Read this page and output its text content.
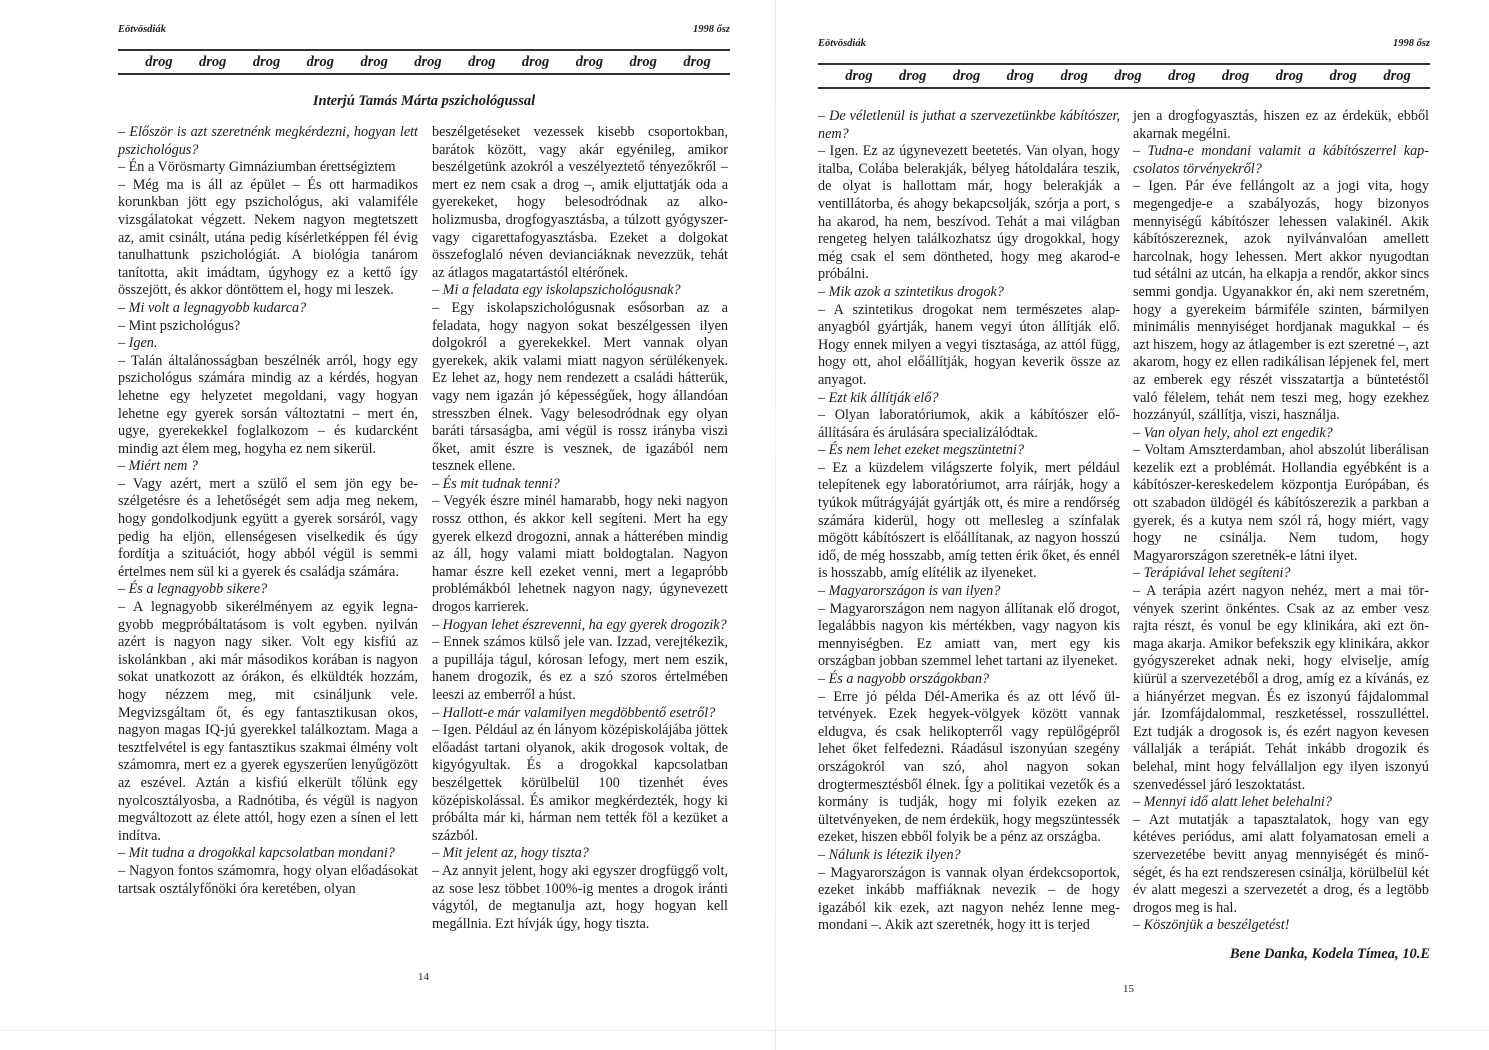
Eötvösdiák	1998 ősz
drog drog drog drog drog drog drog drog drog drog drog
Interjú Tamás Márta pszichológussal

– Először is azt szeretnénk megkérdezni, hogyan lett pszichológus?

– Én a Vörösmarty Gimnáziumban érettségiztem

– Még ma is áll az épület – És ott harmadikos korunkban jött egy pszichológus, aki valamiféle vizsgálatokat végzett. Nekem nagyon megtetszett az, amit csinált, utána pedig kísérletképpen fél évig tanulhattunk pszichológiát. A biológia tanárom tanította, akit imádtam, úgyhogy ez a kettő így összejött, és akkor döntöttem el, hogy mi leszek.

– Mi volt a legnagyobb kudarca?

– Mint pszichológus?

– Igen.

– Talán általánosságban beszélnék arról, hogy egy pszichológus számára mindig az a kérdés, hogyan lehetne egy helyzetet megoldani, vagy hogyan lehetne egy gyerek sorsán változtatni – mert én, ugye, gyerekekkel foglalkozom – és kudarcként mindig azt élem meg, hogyha ez nem sikerül.

– Miért nem ?

– Vagy azért, mert a szülő el sem jön egy beszélgetésre és a lehetőségét sem adja meg nekem, hogy gondolkodjunk együtt a gyerek sorsáról, vagy pedig ha eljön, ellenségesen viselkedik és úgy fordítja a szituációt, hogy abból végül is semmi értelmes nem sül ki a gyerek és családja számára.

– És a legnagyobb sikere?

– A legnagyobb sikerélményem az egyik legnagyobb megpróbáltatásom is volt egyben. nyilván azért is nagyon nagy siker. Volt egy kisfiú az iskolánkban , aki már másodikos korában is nagyon sokat unatkozott az órákon, és elküldték hozzám, hogy nézzem meg, mit csináljunk vele. Megvizsgáltam őt, és egy fantasztikusan okos, nagyon magas IQ-jú gyerekkel találkoztam. Maga a tesztfelvétel is egy fantasztikus szakmai élmény volt számomra, mert ez a gyerek egyszerűen lenyűgözött az eszével. Aztán a kisfiú elkerült tőlünk egy nyolcosztályosba, a Radnótiba, és végül is nagyon megváltozott az élete attól, hogy ezen a sínen el lett indítva.

– Mit tudna a drogokkal kapcsolatban mondani?

– Nagyon fontos számomra, hogy olyan előadásokat tartsak osztályfőnöki óra keretében, olyan

beszélgetéseket vezessek kisebb csoportokban, barátok között, vagy akár egyénileg, amikor beszélgetünk azokról a veszélyeztető tényezőkről – mert ez nem csak a drog –, amik eljuttatják oda a gyerekeket, hogy belesodródnak az alkoholizmusba, drogfogyasztásba, a túlzott gyógyszer- vagy cigarettafogyasztásba. Ezeket a dolgokat összefoglaló néven devianciáknak nevezzük, tehát az átlagos magatartástól eltérőnek.

– Mi a feladata egy iskolapszichológusnak?

– Egy iskolapszichológusnak esősorban az a feladata, hogy nagyon sokat beszélgessen ilyen dolgokról a gyerekekkel. Mert vannak olyan gyerekek, akik valami miatt nagyon sérülékenyek. Ez lehet az, hogy nem rendezett a családi hátterük, vagy nem igazán jó képességűek, hogy állandóan stresszben élnek. Vagy belesodródnak egy olyan baráti társaságba, ami végül is rossz irányba viszi őket, amit észre is vesznek, de igazából nem tesznek ellene.

– És mit tudnak tenni?

– Vegyék észre minél hamarabb, hogy neki nagyon rossz otthon, és akkor kell segíteni. Mert ha egy gyerek elkezd drogozni, annak a hátterében mindig az áll, hogy valami miatt boldogtalan. Nagyon hamar észre kell ezeket venni, mert a legapróbb problémákból lehetnek nagyon nagy, úgynevezett drogos karrierek.

– Hogyan lehet észrevenni, ha egy gyerek drogozik?

– Ennek számos külső jele van. Izzad, verejtékezik, a pupillája tágul, kórosan lefogy, mert nem eszik, hanem drogozik, és ez a szó szoros értelmében leeszi az emberről a húst.

– Hallott-e már valamilyen megdöbbentő esetről?

– Igen. Például az én lányom középiskolájába jöttek előadást tartani olyanok, akik drogosok voltak, de kigyógyultak. És a drogokkal kapcsolatban beszélgettek körülbelül 100 tizenhét éves középiskolással. És amikor megkérdezték, hogy ki próbálta már ki, hárman nem tették föl a kezüket a százból.

– Mit jelent az, hogy tiszta?

– Az annyit jelent, hogy aki egyszer drogfüggő volt, az sose lesz többet 100%-ig mentes a drogok iránti vágytól, de megtanulja azt, hogy hogyan kell megállnia. Ezt hívják úgy, hogy tiszta.

14
Eötvösdiák	1998 ősz
drog drog drog drog drog drog drog drog drog drog drog

– De véletlenül is juthat a szervezetünkbe kábítószer, nem?

– Igen. Ez az úgynevezett beetetés. Van olyan, hogy italba, Colába belerakják, bélyeg hátoldalára teszik, de olyat is hallottam már, hogy belerakják a ventillátorba, és ahogy bekapcsolják, szórja a port, s ha akarod, ha nem, beszívod. Tehát a mai világban rengeteg helyen találkozhatsz úgy drogokkal, hogy még csak el sem döntheted, hogy meg akarod-e próbálni.

– Mik azok a szintetikus drogok?

– A szintetikus drogokat nem természetes alapanyagból gyártják, hanem vegyi úton állítják elő. Hogy ennek milyen a vegyi tisztasága, az attól függ, hogy ott, ahol előállítják, hogyan keverik össze az anyagot.

– Ezt kik állítják elő?

– Olyan laboratóriumok, akik a kábítószer előállítására és árulására specializálódtak.

– És nem lehet ezeket megszüntetni?

– Ez a küzdelem világszerte folyik, mert például telepítenek egy laboratóriumot, arra ráírják, hogy a tyúkok műtrágyáját gyártják ott, és mire a rendőrség számára kiderül, hogy ott mellesleg a színfalak mögött kábítószert is előállítanak, az nagyon hosszú idő, de még hosszabb, amíg tetten érik őket, és ennél is hosszabb, amíg elítélik az ilyeneket.

– Magyarországon is van ilyen?

– Magyarországon nem nagyon állítanak elő drogot, legalábbis nagyon kis mértékben, vagy nagyon kis mennyiségben. Ez amiatt van, mert egy kis országban jobban szemmel lehet tartani az ilyeneket.

– És a nagyobb országokban?

– Erre jó példa Dél-Amerika és az ott lévő ültetvények. Ezek hegyek-völgyek között vannak eldugva, és csak helikopterről vagy repülőgépről lehet őket felfedezni. Ráadásul iszonyúan szegény országokról van szó, ahol nagyon sokan drogtermesztésből élnek. Így a politikai vezetők és a kormány is tudják, hogy mi folyik ezeken az ültetvényeken, de nem érdekük, hogy megszüntessék ezeket, hiszen ebből folyik be a pénz az országba.

– Nálunk is létezik ilyen?

– Magyarországon is vannak olyan érdekcsoportok, ezeket inkább maffiáknak nevezik – de hogy igazából kik ezek, azt nagyon nehéz lenne megmondani –. Akik azt szeretnék, hogy itt is terjed

jen a drogfogyasztás, hiszen ez az érdekük, ebből akarnak megélni.

– Tudna-e mondani valamit a kábítószerrel kapcsolatos törvényekről?

– Igen. Pár éve fellángolt az a jogi vita, hogy megengedje-e a szabályozás, hogy bizonyos mennyiségű kábítószer lehessen valakinél. Akik kábítószereznek, azok nyilvánvalóan amellett harcolnak, hogy lehessen. Mert akkor nyugodtan tud sétálni az utcán, ha elkapja a rendőr, akkor sincs semmi gondja. Ugyanakkor én, aki nem szeretném, hogy a gyerekeim bármiféle szinten, bármilyen minimális mennyiséget hordjanak magukkal – és azt hiszem, hogy az átlagember is ezt szeretné –, azt akarom, hogy ez ellen radikálisan lépjenek fel, mert az emberek egy részét visszatartja a büntetéstől való félelem, tehát nem teszi meg, hogy ezekhez hozzányúl, szállítja, viszi, használja.

– Van olyan hely, ahol ezt engedik?

– Voltam Amszterdamban, ahol abszolút liberálisan kezelik ezt a problémát. Hollandia egyébként is a kábítószer-kereskedelem központja Európában, és ott szabadon üldögél és kábítószerezik a parkban a gyerek, és a kutya nem szól rá, hogy miért, vagy hogy ne csinálja. Nem tudom, hogy Magyarországon szeretnék-e látni ilyet.

– Terápiával lehet segíteni?

– A terápia azért nagyon nehéz, mert a mai törvények szerint önkéntes. Csak az az ember vesz rajta részt, és vonul be egy klinikára, aki ezt önmaga akarja. Amikor befekszik egy klinikára, akkor gyógyszereket adnak neki, hogy elviselje, amíg kiürül a szervezetéből a drog, amíg ez a kívánás, ez a hiányérzet megvan. És ez iszonyú fájdalommal jár. Izomfájdalommal, reszketéssel, rosszulléttel. Ezt tudják a drogosok is, és ezért nagyon kevesen vállalják a terápiát. Tehát inkább drogozik és belehal, mint hogy felvállaljon egy ilyen iszonyú szenvedéssel járó leszoktatást.

– Mennyi idő alatt lehet belehalni?

– Azt mutatják a tapasztalatok, hogy van egy kétéves periódus, ami alatt folyamatosan emeli a szervezetébe bevitt anyag mennyiségét és minőségét, és ha ezt rendszeresen csinálja, körülbelül két év alatt megeszi a szervezetét a drog, és a legtöbb drogos meg is hal.

– Köszönjük a beszélgetést!

Bene Danka, Kodela Tímea, 10.E
15
